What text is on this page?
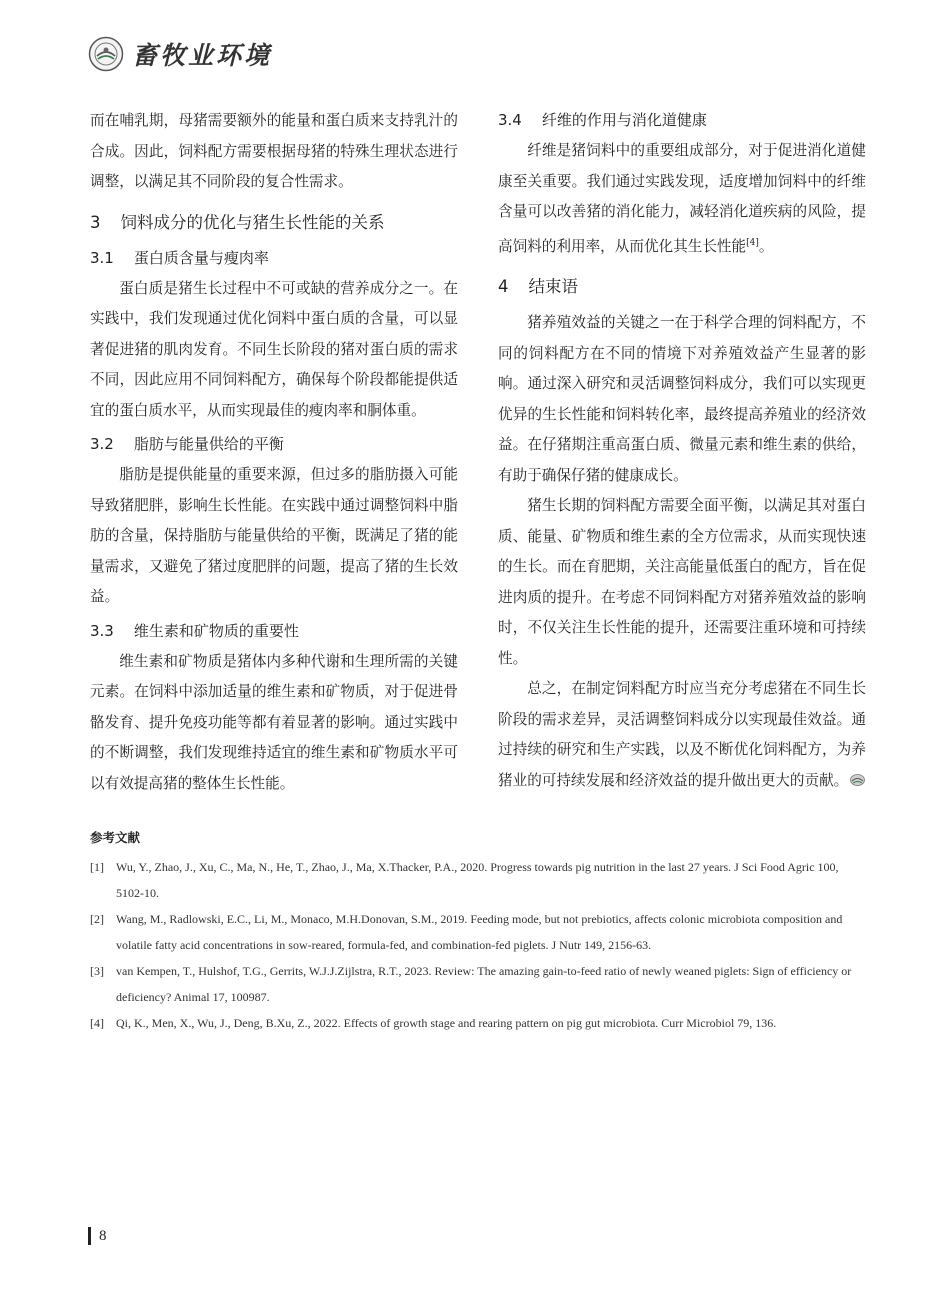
畜牧业环境

而在哺乳期，母猪需要额外的能量和蛋白质来支持乳汁的合成。因此，饲料配方需要根据母猪的特殊生理状态进行调整，以满足其不同阶段的复合性需求。

3 饲料成分的优化与猪生长性能的关系
3.1 蛋白质含量与瘦肉率

蛋白质是猪生长过程中不可或缺的营养成分之一。在实践中，我们发现通过优化饲料中蛋白质的含量，可以显著促进猪的肌肉发育。不同生长阶段的猪对蛋白质的需求不同，因此应用不同饲料配方，确保每个阶段都能提供适宜的蛋白质水平，从而实现最佳的瘦肉率和胴体重。

3.2 脂肪与能量供给的平衡

脂肪是提供能量的重要来源，但过多的脂肪摄入可能导致猪肥胖，影响生长性能。在实践中通过调整饲料中脂肪的含量，保持脂肪与能量供给的平衡，既满足了猪的能量需求，又避免了猪过度肥胖的问题，提高了猪的生长效益。

3.3 维生素和矿物质的重要性

维生素和矿物质是猪体内多种代谢和生理所需的关键元素。在饲料中添加适量的维生素和矿物质，对于促进骨骼发育、提升免疫功能等都有着显著的影响。通过实践中的不断调整，我们发现维持适宜的维生素和矿物质水平可以有效提高猪的整体生长性能。

3.4 纤维的作用与消化道健康

纤维是猪饲料中的重要组成部分，对于促进消化道健康至关重要。我们通过实践发现，适度增加饲料中的纤维含量可以改善猪的消化能力，减轻消化道疾病的风险，提高饲料的利用率，从而优化其生长性能[4]。

4 结束语

猪养殖效益的关键之一在于科学合理的饲料配方，不同的饲料配方在不同的情境下对养殖效益产生显著的影响。通过深入研究和灵活调整饲料成分，我们可以实现更优异的生长性能和饲料转化率，最终提高养殖业的经济效益。在仔猪期注重高蛋白质、微量元素和维生素的供给，有助于确保仔猪的健康成长。

猪生长期的饲料配方需要全面平衡，以满足其对蛋白质、能量、矿物质和维生素的全方位需求，从而实现快速的生长。而在育肥期，关注高能量低蛋白的配方，旨在促进肉质的提升。在考虑不同饲料配方对猪养殖效益的影响时，不仅关注生长性能的提升，还需要注重环境和可持续性。

总之，在制定饲料配方时应当充分考虑猪在不同生长阶段的需求差异，灵活调整饲料成分以实现最佳效益。通过持续的研究和生产实践，以及不断优化饲料配方，为养猪业的可持续发展和经济效益的提升做出更大的贡献。

参考文献
[1]	Wu, Y., Zhao, J., Xu, C., Ma, N., He, T., Zhao, J., Ma, X.Thacker, P.A., 2020. Progress towards pig nutrition in the last 27 years. J Sci Food Agric 100, 5102-10.
[2]	Wang, M., Radlowski, E.C., Li, M., Monaco, M.H.Donovan, S.M., 2019. Feeding mode, but not prebiotics, affects colonic microbiota composition and volatile fatty acid concentrations in sow-reared, formula-fed, and combination-fed piglets. J Nutr 149, 2156-63.
[3]	van Kempen, T., Hulshof, T.G., Gerrits, W.J.J.Zijlstra, R.T., 2023. Review: The amazing gain-to-feed ratio of newly weaned piglets: Sign of efficiency or deficiency? Animal 17, 100987.
[4]	Qi, K., Men, X., Wu, J., Deng, B.Xu, Z., 2022. Effects of growth stage and rearing pattern on pig gut microbiota. Curr Microbiol 79, 136.
8
